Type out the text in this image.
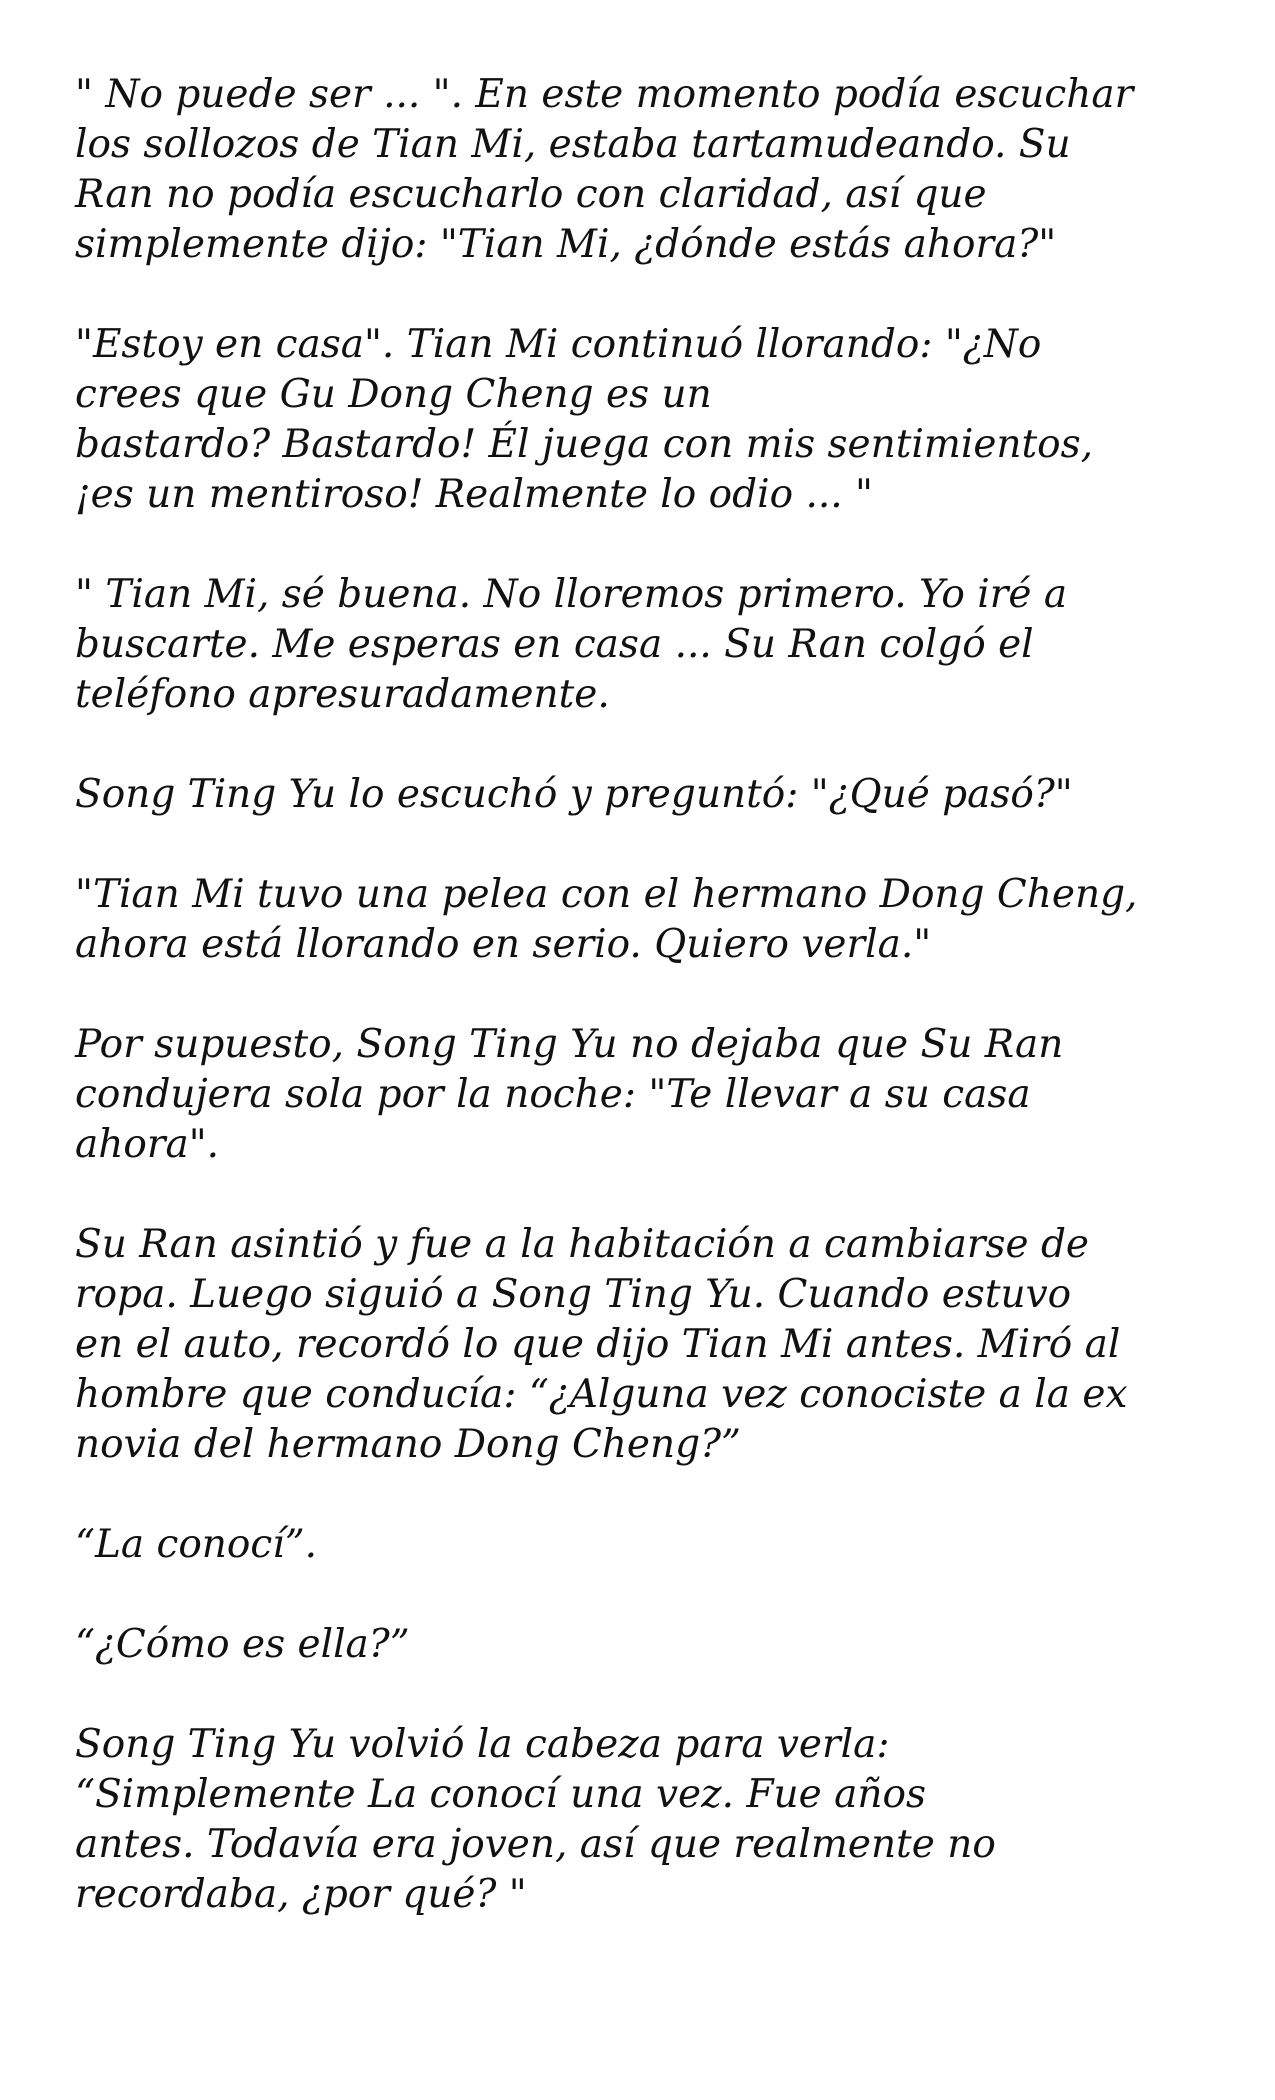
" No puede ser ... ". En este momento podía escuchar
los sollozos de Tian Mi, estaba tartamudeando. Su
Ran no podía escucharlo con claridad, así que
simplemente dijo: "Tian Mi, ¿dónde estás ahora?"

"Estoy en casa". Tian Mi continuó llorando: "¿No
crees que Gu Dong Cheng es un
bastardo? Bastardo! Él juega con mis sentimientos,
¡es un mentiroso! Realmente lo odio ... "

" Tian Mi, sé buena. No lloremos primero. Yo iré a
buscarte. Me esperas en casa ... Su Ran colgó el
teléfono apresuradamente.

Song Ting Yu lo escuchó y preguntó: "¿Qué pasó?"

"Tian Mi tuvo una pelea con el hermano Dong Cheng,
ahora está llorando en serio. Quiero verla."

Por supuesto, Song Ting Yu no dejaba que Su Ran
condujera sola por la noche: "Te llevar a su casa
ahora".

Su Ran asintió y fue a la habitación a cambiarse de
ropa. Luego siguió a Song Ting Yu. Cuando estuvo
en el auto, recordó lo que dijo Tian Mi antes. Miró al
hombre que conducía: “¿Alguna vez conociste a la ex
novia del hermano Dong Cheng?”

“La conocí”.

“¿Cómo es ella?”

Song Ting Yu volvió la cabeza para verla:
“Simplemente La conocí una vez. Fue años
antes. Todavía era joven, así que realmente no
recordaba, ¿por qué? "
